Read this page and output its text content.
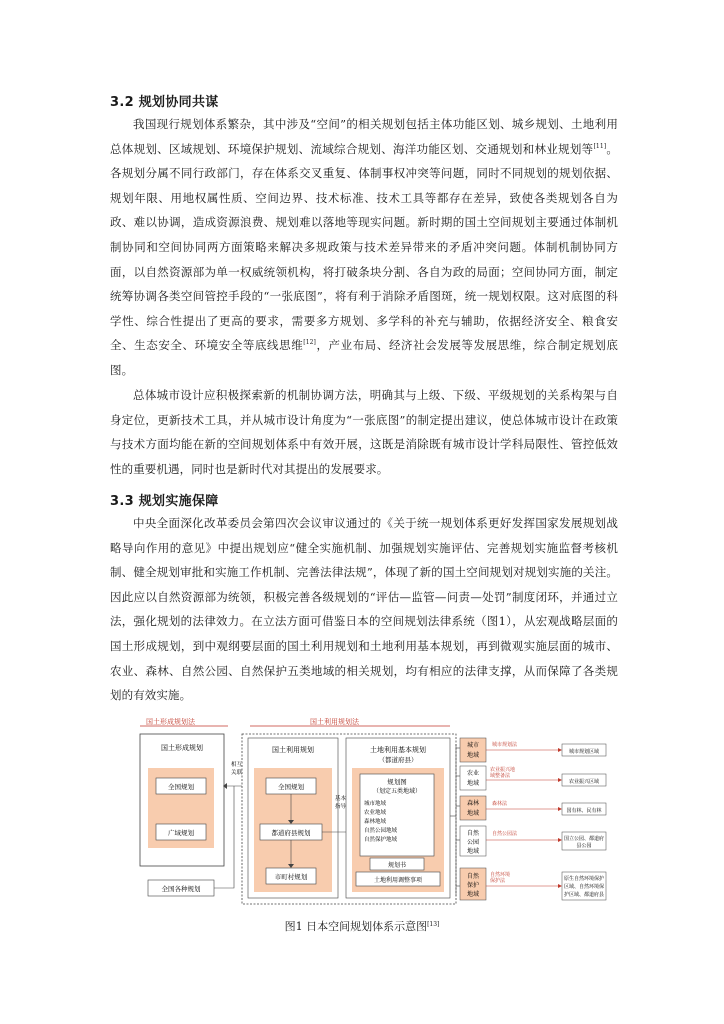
3.2 规划协同共谋

我国现行规划体系繁杂，其中涉及“空间”的相关规划包括主体功能区划、城乡规划、土地利用总体规划、区域规划、环境保护规划、流域综合规划、海洋功能区划、交通规划和林业规划等[11]。各规划分属不同行政部门，存在体系交叉重复、体制事权冲突等问题，同时不同规划的规划依据、规划年限、用地权属性质、空间边界、技术标准、技术工具等都存在差异，致使各类规划各自为政、难以协调，造成资源浪费、规划难以落地等现实问题。新时期的国土空间规划主要通过体制机制协同和空间协同两方面策略来解决多规政策与技术差异带来的矛盾冲突问题。体制机制协同方面，以自然资源部为单一权威统领机构，将打破条块分割、各自为政的局面；空间协同方面，制定统筹协调各类空间管控手段的“一张底图”，将有利于消除矛盾图斑，统一规划权限。这对底图的科学性、综合性提出了更高的要求，需要多方规划、多学科的补充与辅助，依据经济安全、粮食安全、生态安全、环境安全等底线思维[12]，产业布局、经济社会发展等发展思维，综合制定规划底图。

总体城市设计应积极探索新的机制协调方法，明确其与上级、下级、平级规划的关系构架与自身定位，更新技术工具，并从城市设计角度为“一张底图”的制定提出建议，使总体城市设计在政策与技术方面均能在新的空间规划体系中有效开展，这既是消除既有城市设计学科局限性、管控低效性的重要机遇，同时也是新时代对其提出的发展要求。

3.3 规划实施保障

中央全面深化改革委员会第四次会议审议通过的《关于统一规划体系更好发挥国家发展规划战略导向作用的意见》中提出规划应“健全实施机制、加强规划实施评估、完善规划实施监督考核机制、健全规划审批和实施工作机制、完善法律法规”，体现了新的国土空间规划对规划实施的关注。因此应以自然资源部为统领，积极完善各级规划的“评估—监管—问责—处罚”制度闭环，并通过立法，强化规划的法律效力。在立法方面可借鉴日本的空间规划法律系统（图1），从宏观战略层面的国土形成规划，到中观纲要层面的国土利用规划和土地利用基本规划，再到微观实施层面的城市、农业、森林、自然公园、自然保护五类地域的相关规划，均有相应的法律支撑，从而保障了各类规划的有效实施。

国土形成规划法	国土利用规划法
国土形成规划
全国规划
广域规划
全国各种规划
相互
关联
国土利用规划
全国规划
都道府县规划
市町村规划
基本
指导
土地利用基本规划
（都道府县）
规划图
（划定五类地域）
城市地域
农业地域
森林地域
自然公园地域
自然保护地域
规划书
土地利用调整事项
城市
地域
城市规划法
城市规划区域
农业
地域
农业振兴地
域整备法
农业振兴区域
森林
地域
森林法
国有林、民有林
自然
公园
地域
自然公园法
国立公园、都道府
县公园
自然
保护
地域
自然环境
保护法	原生自然环境保护
区域、自然环境保
护区域、都道府县
图1 日本空间规划体系示意图[13]
